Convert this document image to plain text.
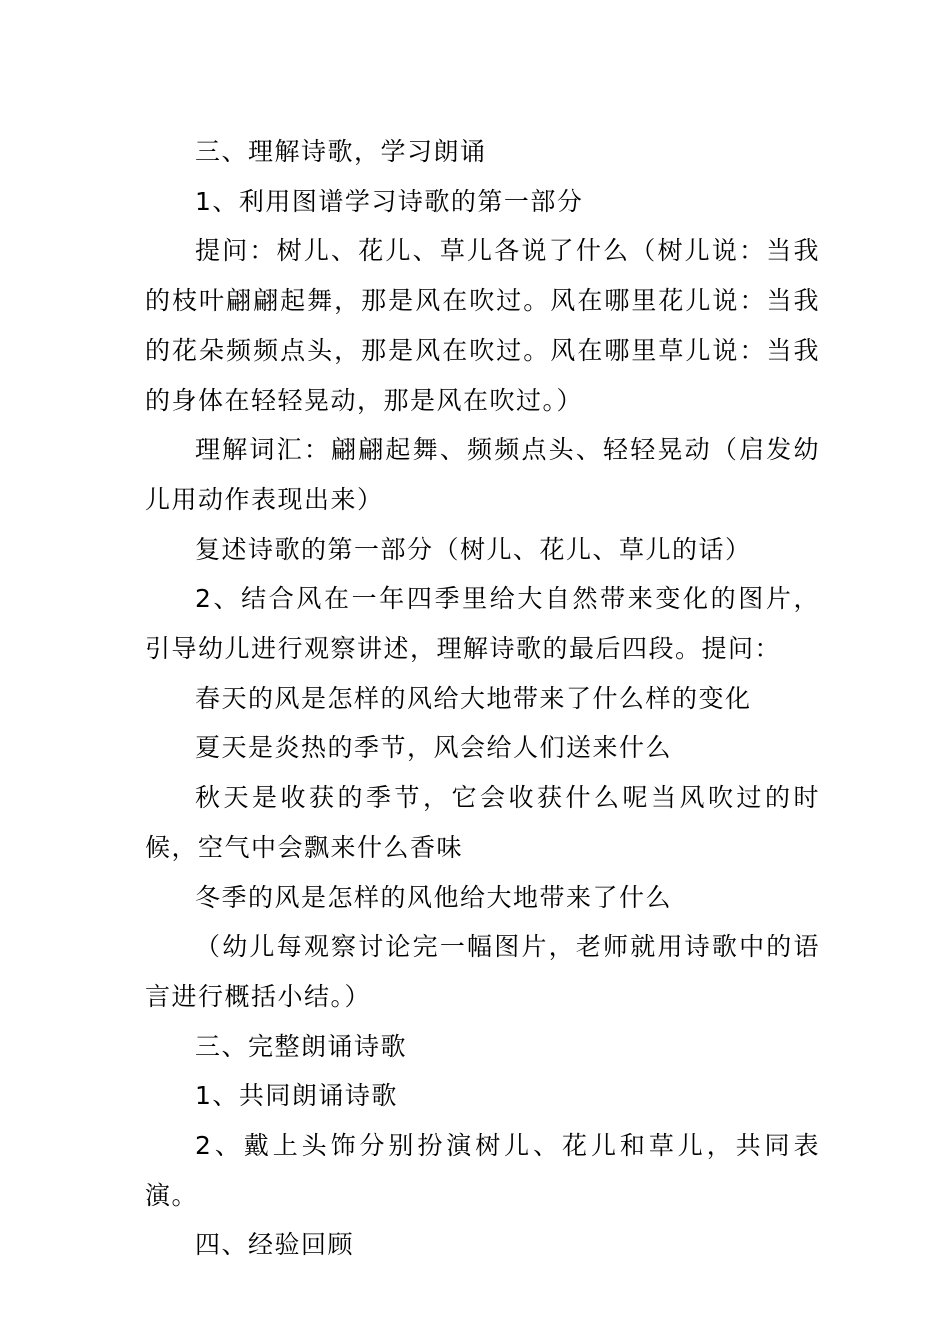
三、理解诗歌，学习朗诵

1、利用图谱学习诗歌的第一部分

提问：树儿、花儿、草儿各说了什么（树儿说：当我的枝叶翩翩起舞，那是风在吹过。风在哪里花儿说：当我的花朵频频点头，那是风在吹过。风在哪里草儿说：当我的身体在轻轻晃动，那是风在吹过。）

理解词汇：翩翩起舞、频频点头、轻轻晃动（启发幼儿用动作表现出来）

复述诗歌的第一部分（树儿、花儿、草儿的话）

2、结合风在一年四季里给大自然带来变化的图片，引导幼儿进行观察讲述，理解诗歌的最后四段。提问：

春天的风是怎样的风给大地带来了什么样的变化

夏天是炎热的季节，风会给人们送来什么

秋天是收获的季节，它会收获什么呢当风吹过的时候，空气中会飘来什么香味

冬季的风是怎样的风他给大地带来了什么

（幼儿每观察讨论完一幅图片，老师就用诗歌中的语言进行概括小结。）

三、完整朗诵诗歌

1、共同朗诵诗歌

2、戴上头饰分别扮演树儿、花儿和草儿，共同表演。

四、经验回顾
